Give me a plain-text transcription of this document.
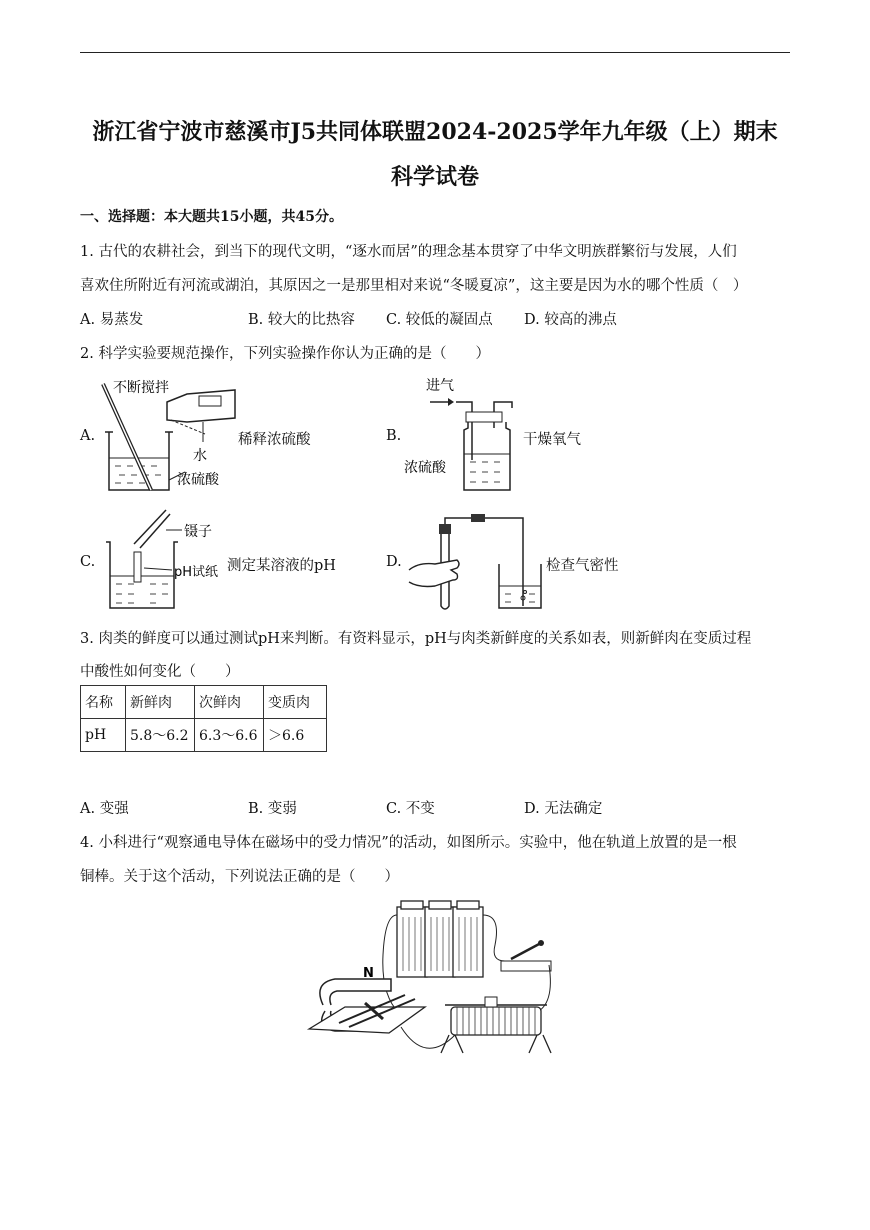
浙江省宁波市慈溪市J5共同体联盟2024-2025学年九年级（上）期末
科学试卷
一、选择题：本大题共15小题，共45分。
1. 古代的农耕社会，到当下的现代文明，“逐水而居”的理念基本贯穿了中华文明族群繁衍与发展，人们
喜欢住所附近有河流或湖泊，其原因之一是那里相对来说“冬暖夏凉”，这主要是因为水的哪个性质（　）
A. 易蒸发	B. 较大的比热容 C. 较低的凝固点 D. 较高的沸点
2. 科学实验要规范操作，下列实验操作你认为正确的是（　　）
A.
不断搅拌
水
浓硫酸
稀释浓硫酸	B.
进气
浓硫酸
干燥氧气
C.
镊子
pH试纸 测定某溶液的pH	D.	检查气密性
3. 肉类的鲜度可以通过测试pH来判断。有资料显示，pH与肉类新鲜度的关系如表，则新鲜肉在变质过程
中酸性如何变化（　　）
名称	新鲜肉	次鲜肉	变质肉
pH	5.8～6.2	6.3～6.6	＞6.6
A. 变强	B. 变弱	C. 不变	D. 无法确定
4. 小科进行“观察通电导体在磁场中的受力情况”的活动，如图所示。实验中，他在轨道上放置的是一根
铜棒。关于这个活动，下列说法正确的是（　　）
N
